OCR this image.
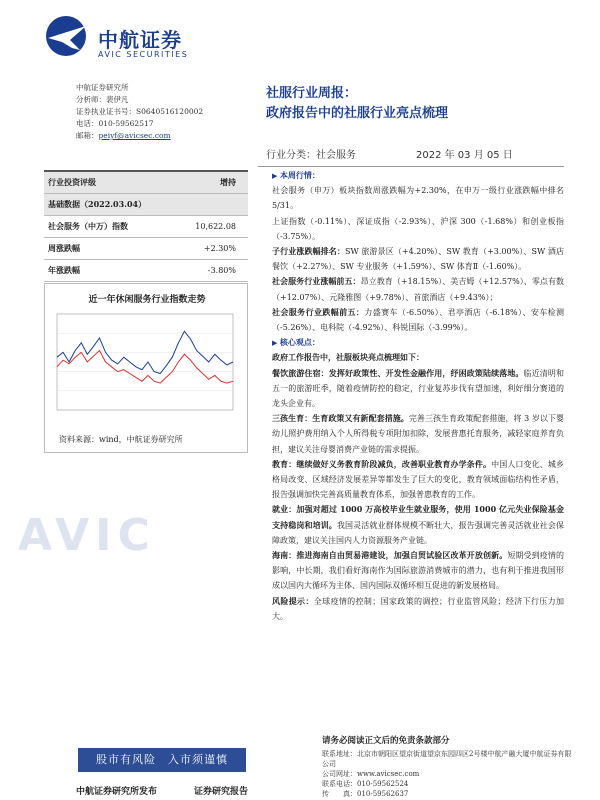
中航证券
AVIC SECURITIES
中航证券研究所
分析师：裴伊凡
证券执业证书号：S0640516120002
电话：010-59562517
邮箱：peiyf@avicsec.com
社服行业周报：
政府报告中的社服行业亮点梳理
行业分类：社会服务	2022 年 03 月 05 日
行业投资评级	增持
基础数据（2022.03.04）
社会服务（中万）指数	10,622.08
周涨跌幅	+2.30%
年涨跌幅	-3.80%
近一年休闲服务行业指数走势
资料来源：wind，中航证券研究所
AVIC
▶ 本周行情：
社会服务（申万）板块指数周涨跌幅为+2.30%，在申万一级行业涨跌幅中排名 5/31。
上证指数（-0.11%）、深证成指（-2.93%）、沪深 300（-1.68%）和创业板指（-3.75%）。
子行业涨跌幅排名：SW 旅游景区（+4.20%）、SW 教育（+3.00%）、SW 酒店餐饮（+2.27%）、SW 专业服务（+1.59%）、SW 体育Ⅱ（-1.60%）。
社会服务行业涨幅前五：昂立教育（+18.15%）、美吉姆（+12.57%）、零点有数（+12.07%）、元隆雅图（+9.78%）、首旅酒店（+9.43%）；
社会服务行业跌幅前五：力盛赛车（-6.50%）、君亭酒店（-6.18%）、安车检测（-5.26%）、电科院（-4.92%）、科锐国际（-3.99%）。
▶ 核心观点：
政府工作报告中，社服板块亮点梳理如下：
餐饮旅游住宿：发挥好政策性、开发性金融作用，纾困政策陆续落地。临近清明和五一的旅游旺季，随着疫情防控的稳定，行业复苏步伐有望加速，利好细分赛道的龙头企业有。
三孩生育：生育政策又有新配套措施。完善三孩生育政策配套措施，将 3 岁以下婴幼儿照护费用纳入个人所得税专项附加扣除，发展普惠托育服务，减轻家庭养育负担，建议关注母婴消费产业链的需求提振。
教育：继续做好义务教育阶段减负，改善职业教育办学条件。中国人口变化、城乡格局改变、区域经济发展差异等都发生了巨大的变化，教育领域面临结构性矛盾，报告强调加快完善高质量教育体系，加强普惠教育的工作。
就业：加强对超过 1000 万高校毕业生就业服务，使用 1000 亿元失业保险基金支持稳岗和培训。我国灵活就业群体规模不断壮大，报告强调完善灵活就业社会保障政策，建议关注国内人力资源服务产业链。
海南：推进海南自由贸易港建设，加强自贸试验区改革开放创新。短期受到疫情的影响，中长期，我们看好海南作为国际旅游消费城市的潜力，也有利于推进我国形成以国内大循环为主体、国内国际双循环相互促进的新发展格局。
风险提示：全球疫情的控制；国家政策的调控；行业监管风险；经济下行压力加大。
股市有风险　入市须谨慎
中航证券研究所发布	证券研究报告
请务必阅读正文后的免责条款部分
联系地址：北京市朝阳区望京街道望京东园四区2号楼中航产融大厦中航证券有限公司
公司网址：www.avicsec.com
联系电话：010-59562524
传　　真：010-59562637
